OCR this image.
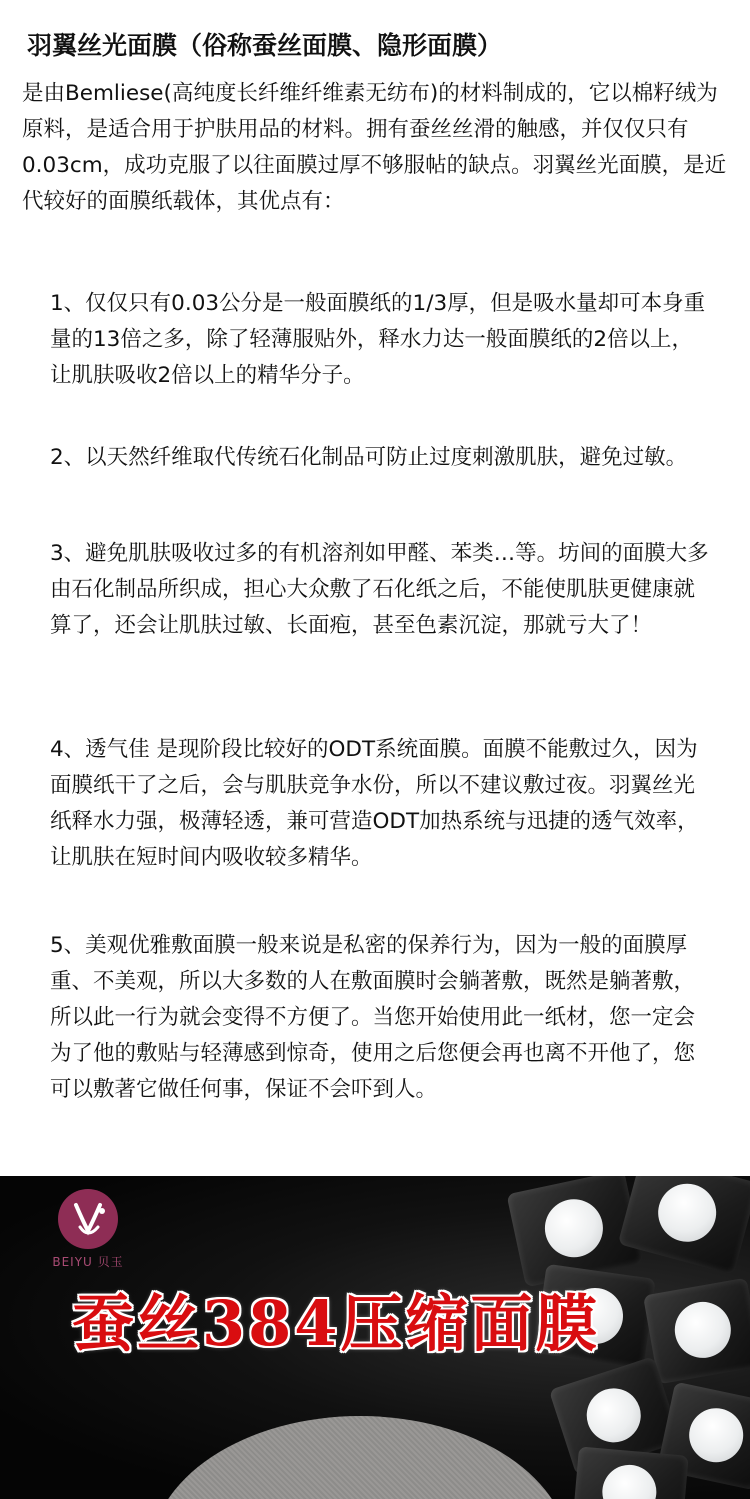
羽翼丝光面膜（俗称蚕丝面膜、隐形面膜）

是由Bemliese(高纯度长纤维纤维素无纺布)的材料制成的，它以棉籽绒为原料，是适合用于护肤用品的材料。拥有蚕丝丝滑的触感，并仅仅只有0.03cm，成功克服了以往面膜过厚不够服帖的缺点。羽翼丝光面膜，是近代较好的面膜纸载体，其优点有：

1、仅仅只有0.03公分是一般面膜纸的1/3厚，但是吸水量却可本身重量的13倍之多，除了轻薄服贴外，释水力达一般面膜纸的2倍以上，让肌肤吸收2倍以上的精华分子。

2、以天然纤维取代传统石化制品可防止过度刺激肌肤，避免过敏。

3、避免肌肤吸收过多的有机溶剂如甲醛、苯类…等。坊间的面膜大多由石化制品所织成，担心大众敷了石化纸之后，不能使肌肤更健康就算了，还会让肌肤过敏、长面疱，甚至色素沉淀，那就亏大了！

4、透气佳 是现阶段比较好的ODT系统面膜。面膜不能敷过久，因为面膜纸干了之后，会与肌肤竞争水份，所以不建议敷过夜。羽翼丝光纸释水力强，极薄轻透，兼可营造ODT加热系统与迅捷的透气效率，让肌肤在短时间内吸收较多精华。

5、美观优雅敷面膜一般来说是私密的保养行为，因为一般的面膜厚重、不美观，所以大多数的人在敷面膜时会躺著敷，既然是躺著敷，所以此一行为就会变得不方便了。当您开始使用此一纸材，您一定会为了他的敷贴与轻薄感到惊奇，使用之后您便会再也离不开他了，您可以敷著它做任何事，保证不会吓到人。

BEIYU 贝玉
蚕丝384压缩面膜
